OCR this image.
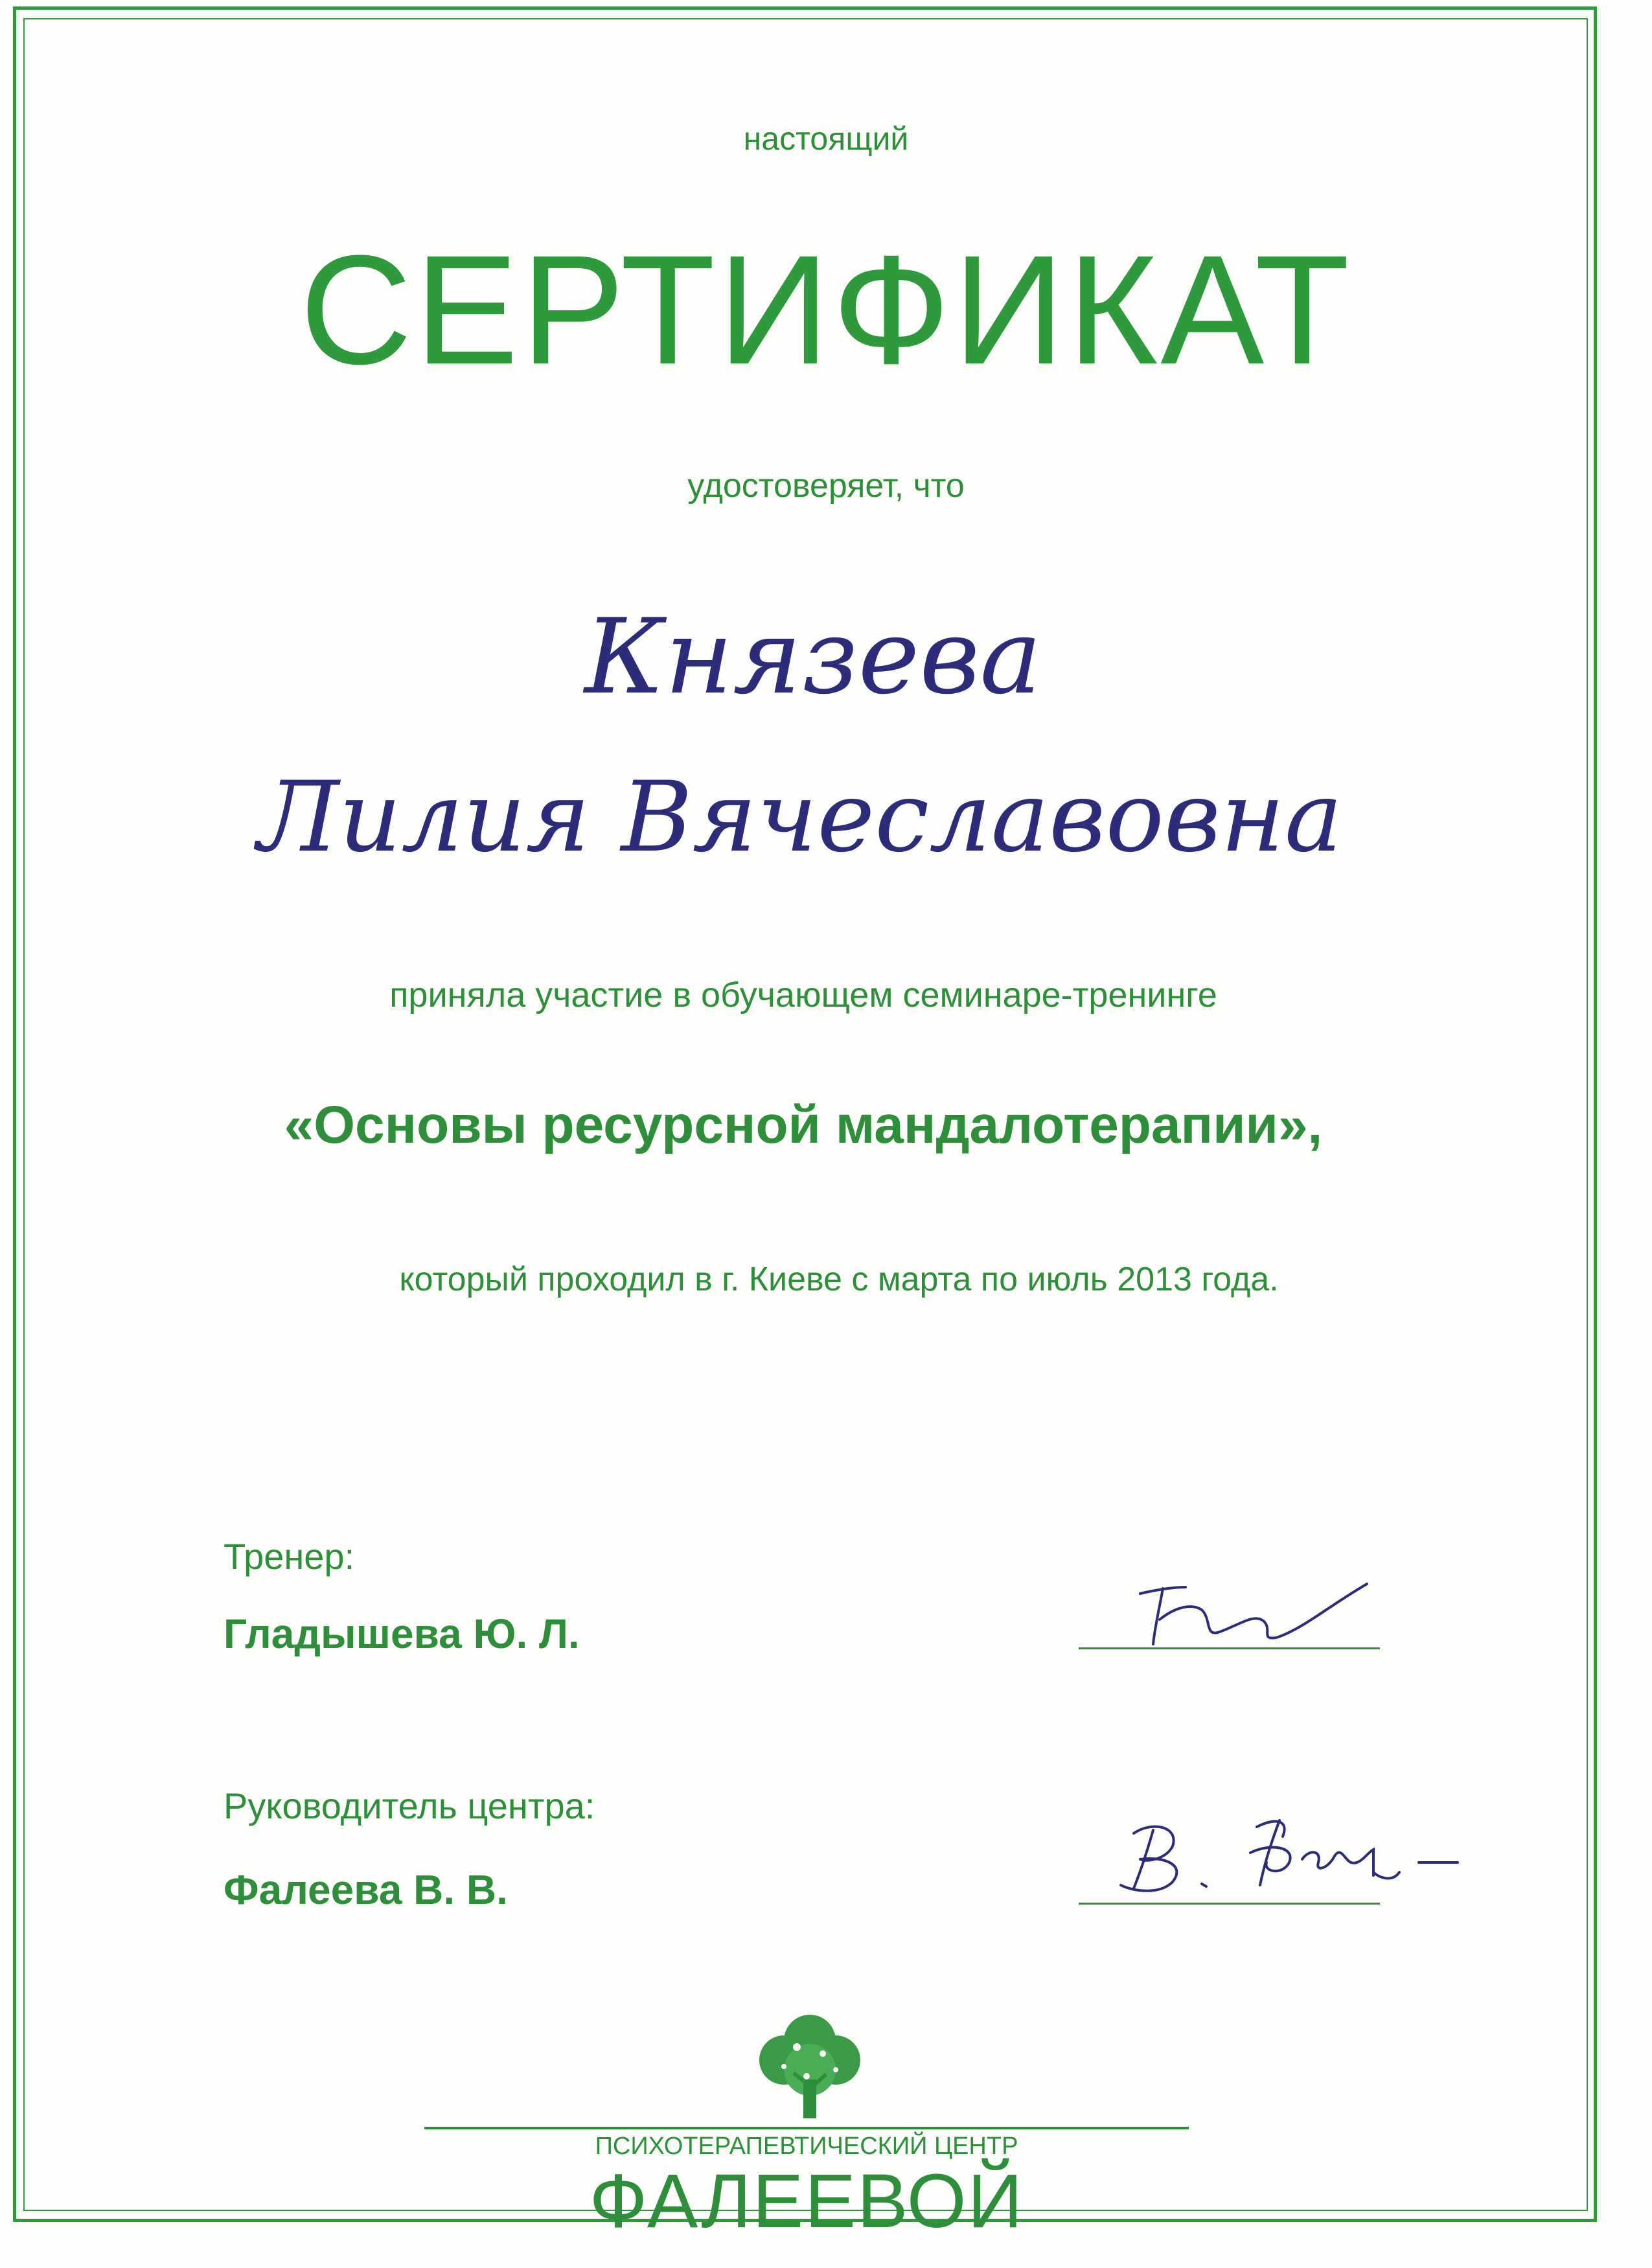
настоящий
СЕРТИФИКАТ
удостоверяет, что
Князева
Лилия Вячеславовна
приняла участие в обучающем семинаре-тренинге
«Основы ресурсной мандалотерапии»,
который проходил в г. Киеве с марта по июль 2013 года.
Тренер:
Гладышева Ю. Л.
Руководитель центра:
Фалеева В. В.
ПСИХОТЕРАПЕВТИЧЕСКИЙ ЦЕНТР
ФАЛЕЕВОЙ
